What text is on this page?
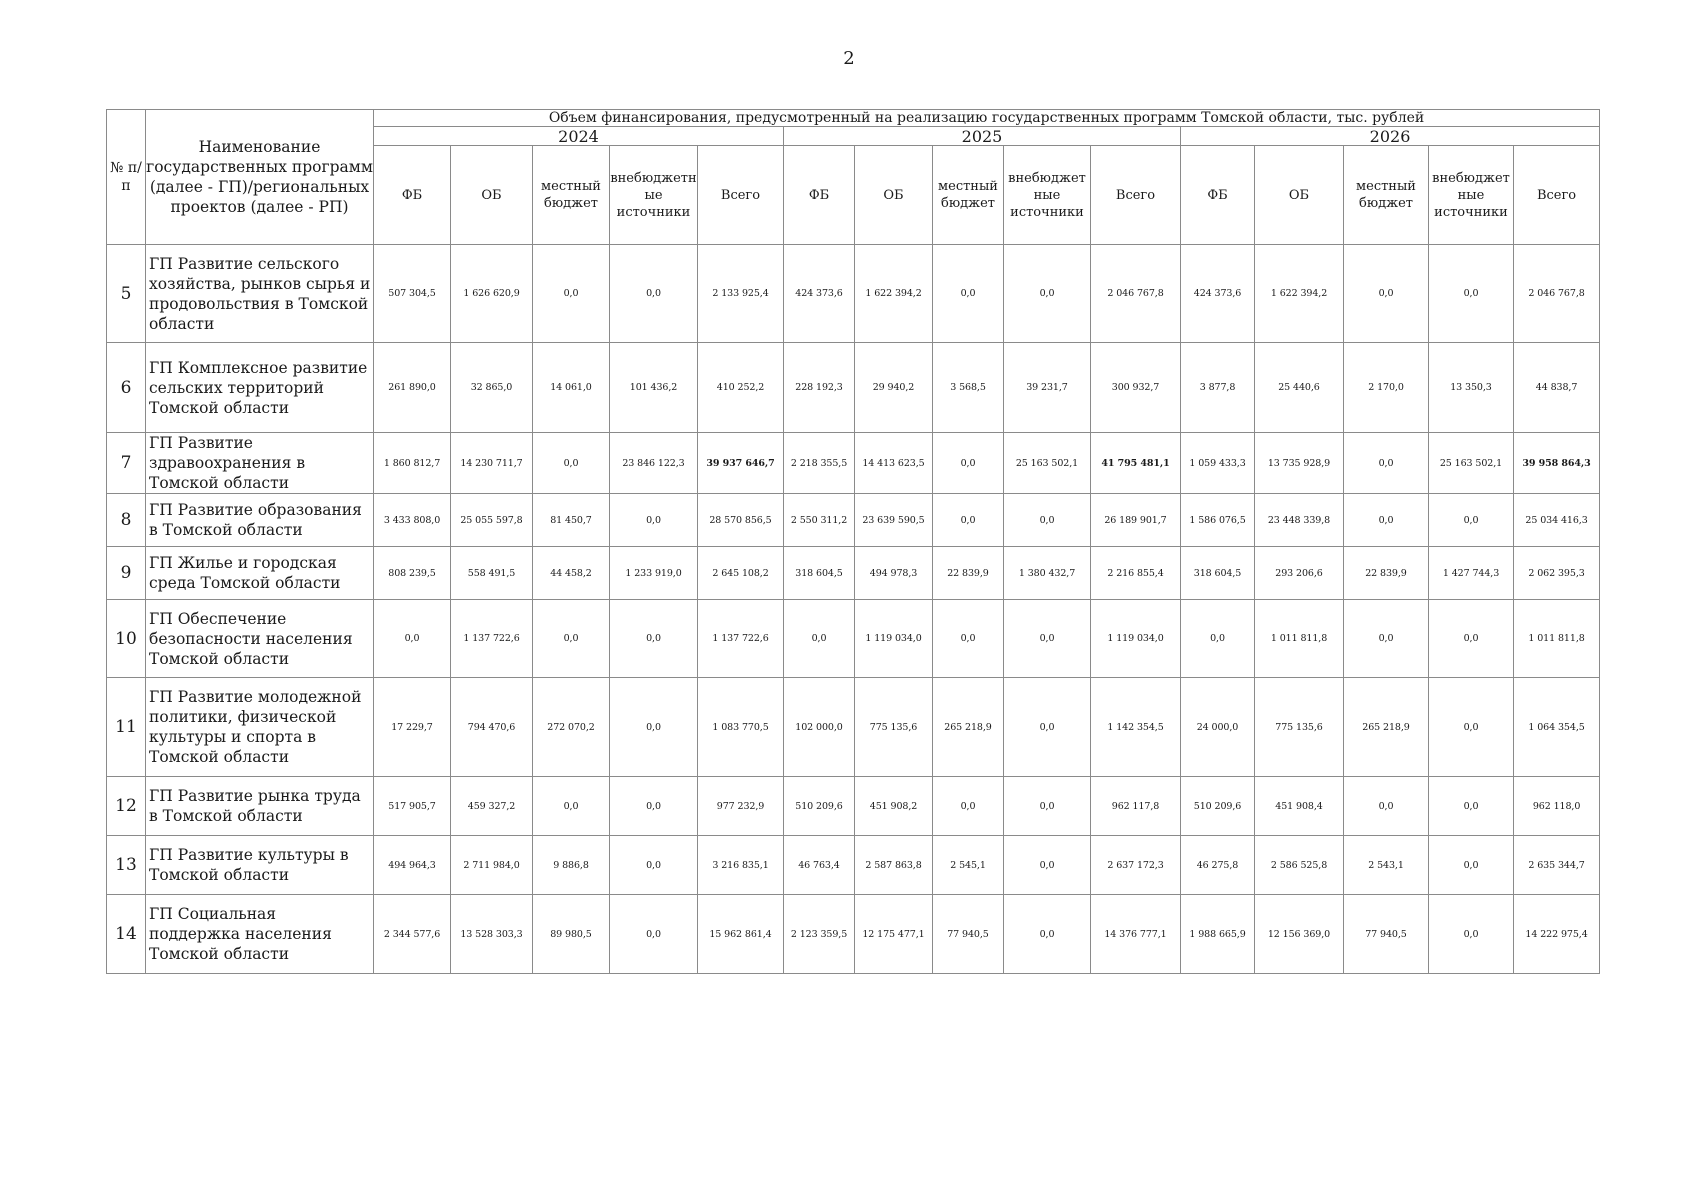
2
№ п/п	Наименование государственных программ (далее - ГП)/региональных проектов (далее - РП)	Объем финансирования, предусмотренный на реализацию государственных программ Томской области, тыс. рублей														
		2024					2025					2026				
		ФБ	ОБ	местный бюджет	внебюджетн ые источники	Всего	ФБ	ОБ	местный бюджет	внебюджет ные источники	Всего	ФБ	ОБ	местный бюджет	внебюджет ные источники	Всего
5	ГП Развитие сельского хозяйства, рынков сырья и продовольствия в Томской области	507 304,5	1 626 620,9	0,0	0,0	2 133 925,4	424 373,6	1 622 394,2	0,0	0,0	2 046 767,8	424 373,6	1 622 394,2	0,0	0,0	2 046 767,8
6	ГП Комплексное развитие сельских территорий Томской области	261 890,0	32 865,0	14 061,0	101 436,2	410 252,2	228 192,3	29 940,2	3 568,5	39 231,7	300 932,7	3 877,8	25 440,6	2 170,0	13 350,3	44 838,7
7	ГП Развитие здравоохранения в Томской области	1 860 812,7	14 230 711,7	0,0	23 846 122,3	39 937 646,7	2 218 355,5	14 413 623,5	0,0	25 163 502,1	41 795 481,1	1 059 433,3	13 735 928,9	0,0	25 163 502,1	39 958 864,3
8	ГП Развитие образования в Томской области	3 433 808,0	25 055 597,8	81 450,7	0,0	28 570 856,5	2 550 311,2	23 639 590,5	0,0	0,0	26 189 901,7	1 586 076,5	23 448 339,8	0,0	0,0	25 034 416,3
9	ГП Жилье и городская среда Томской области	808 239,5	558 491,5	44 458,2	1 233 919,0	2 645 108,2	318 604,5	494 978,3	22 839,9	1 380 432,7	2 216 855,4	318 604,5	293 206,6	22 839,9	1 427 744,3	2 062 395,3
10	ГП Обеспечение безопасности населения Томской области	0,0	1 137 722,6	0,0	0,0	1 137 722,6	0,0	1 119 034,0	0,0	0,0	1 119 034,0	0,0	1 011 811,8	0,0	0,0	1 011 811,8
11	ГП Развитие молодежной политики, физической культуры и спорта в Томской области	17 229,7	794 470,6	272 070,2	0,0	1 083 770,5	102 000,0	775 135,6	265 218,9	0,0	1 142 354,5	24 000,0	775 135,6	265 218,9	0,0	1 064 354,5
12	ГП Развитие рынка труда в Томской области	517 905,7	459 327,2	0,0	0,0	977 232,9	510 209,6	451 908,2	0,0	0,0	962 117,8	510 209,6	451 908,4	0,0	0,0	962 118,0
13	ГП Развитие культуры в Томской области	494 964,3	2 711 984,0	9 886,8	0,0	3 216 835,1	46 763,4	2 587 863,8	2 545,1	0,0	2 637 172,3	46 275,8	2 586 525,8	2 543,1	0,0	2 635 344,7
14	ГП Социальная поддержка населения Томской области	2 344 577,6	13 528 303,3	89 980,5	0,0	15 962 861,4	2 123 359,5	12 175 477,1	77 940,5	0,0	14 376 777,1	1 988 665,9	12 156 369,0	77 940,5	0,0	14 222 975,4
